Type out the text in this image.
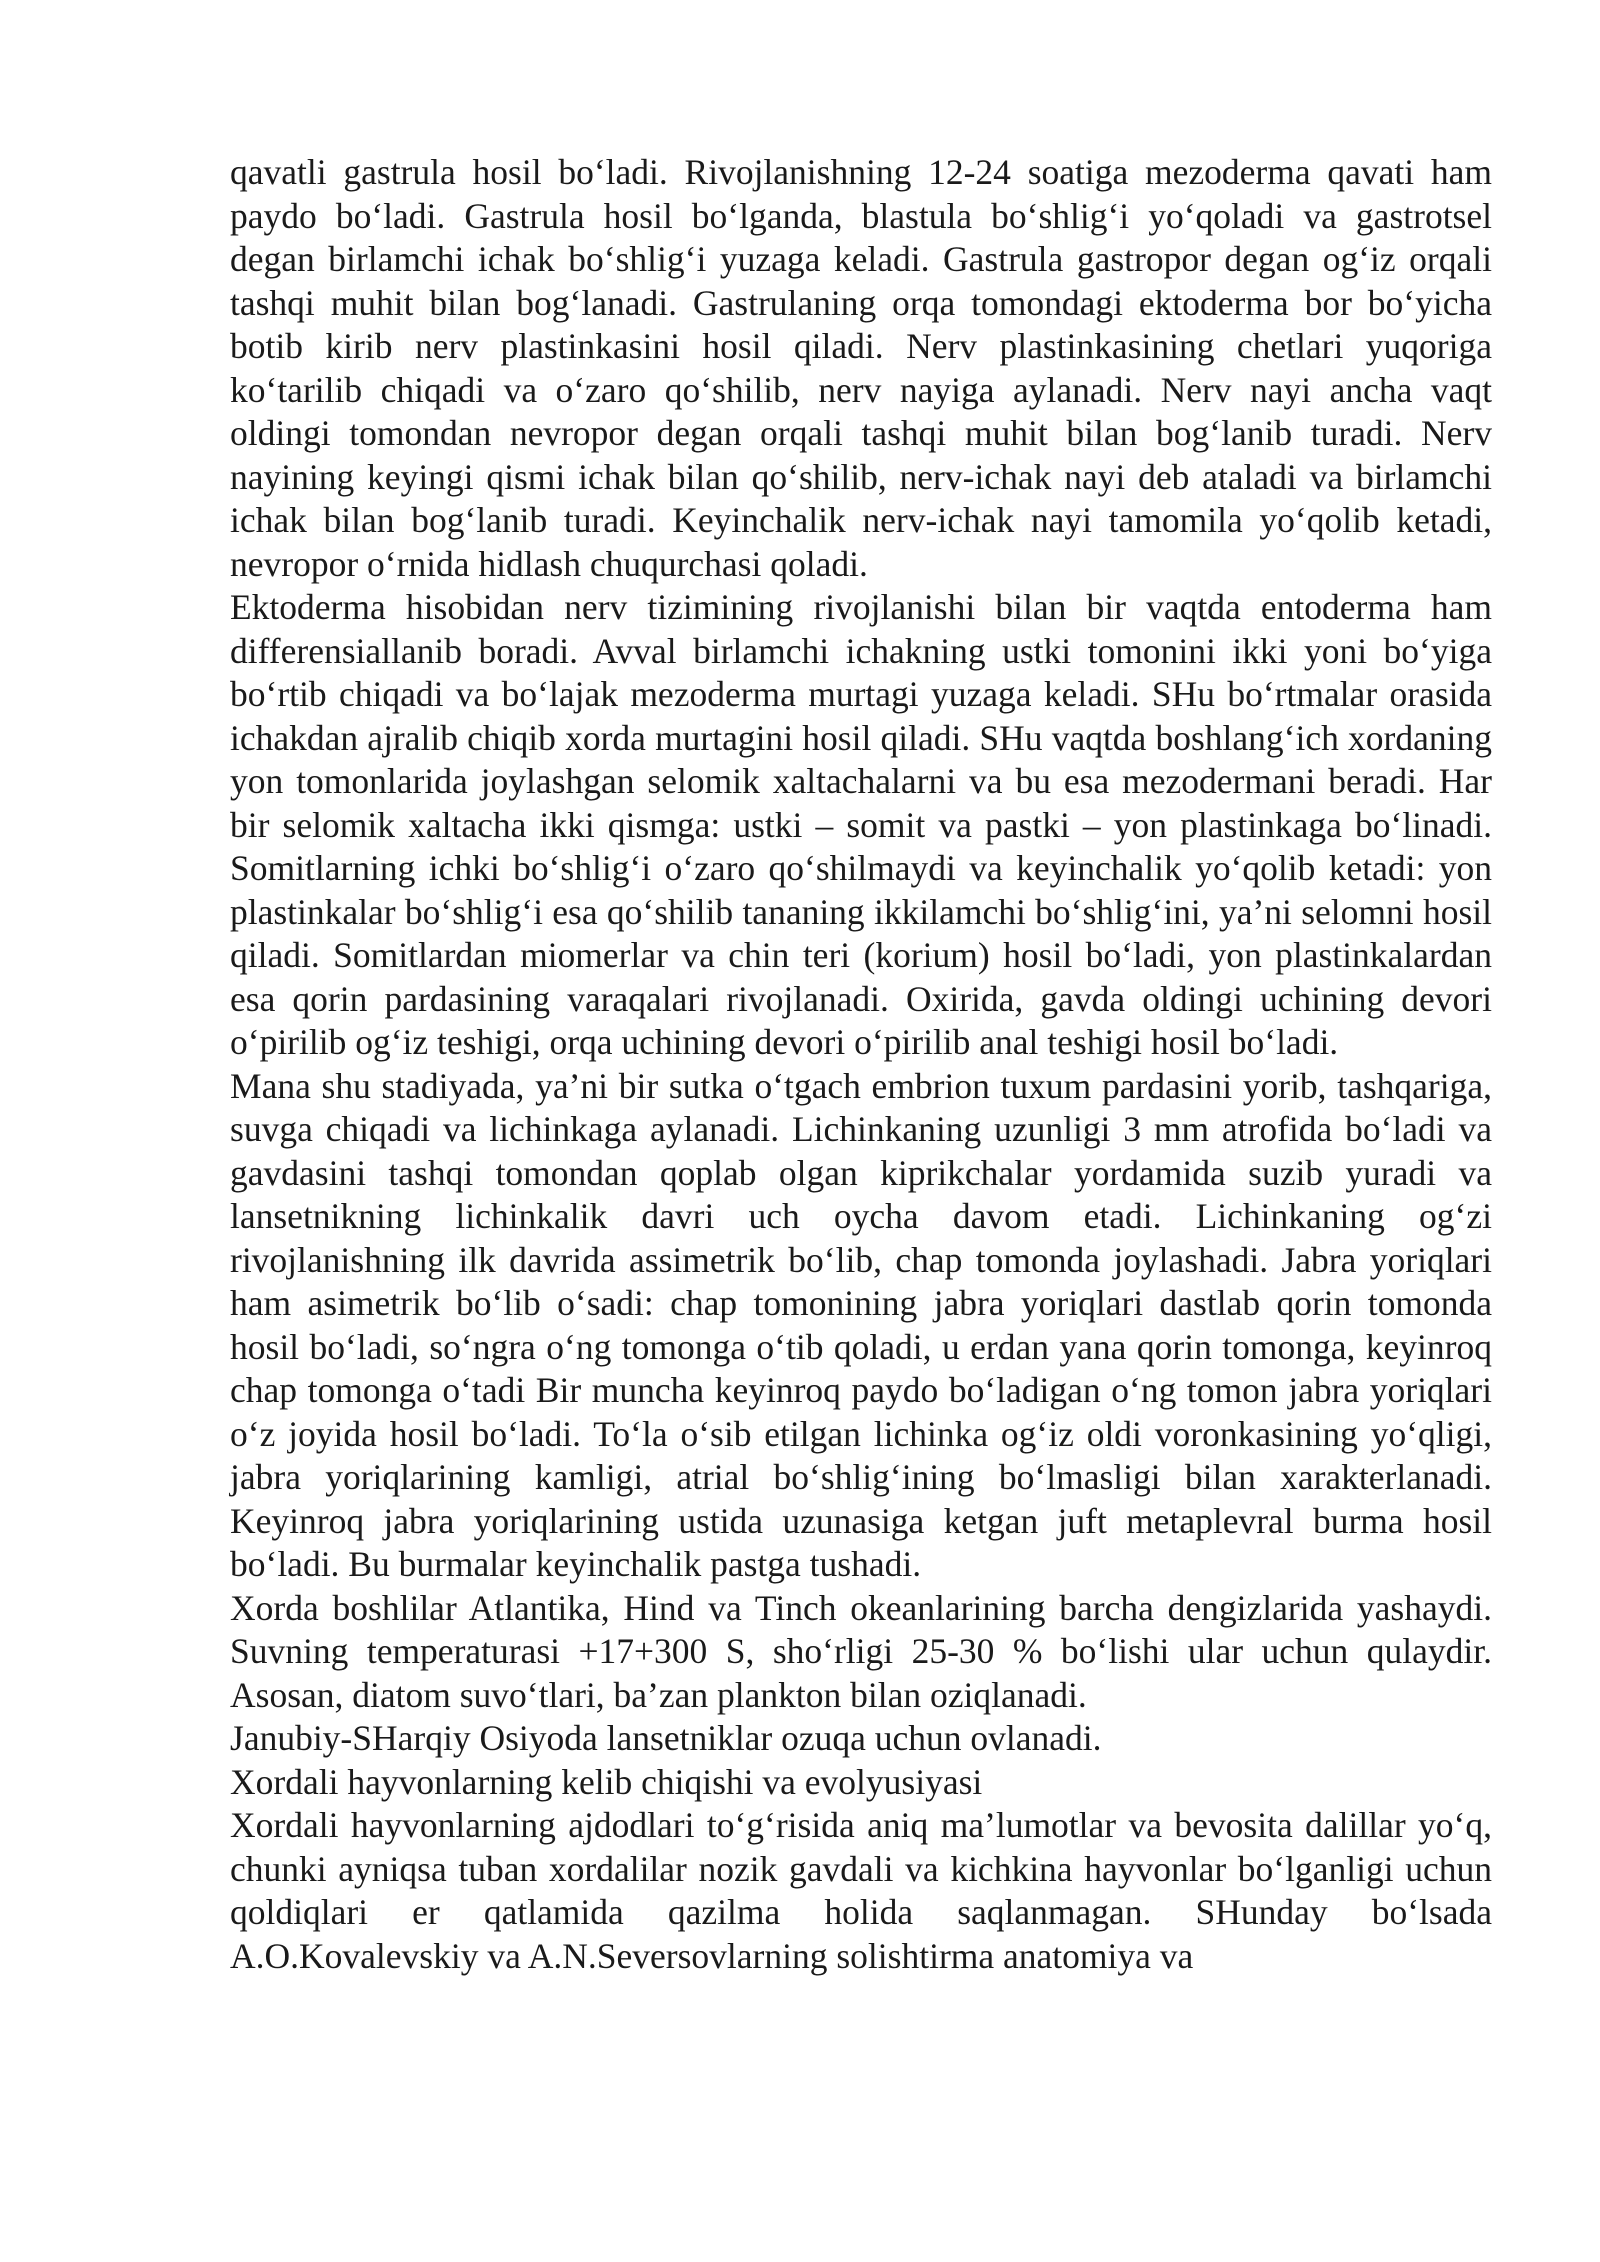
qavatli gastrula hosil bo‘ladi. Rivojlanishning 12-24 soatiga mezoderma qavati ham paydo bo‘ladi. Gastrula hosil bo‘lganda, blastula bo‘shlig‘i yo‘qoladi va gastrotsel degan birlamchi ichak bo‘shlig‘i yuzaga keladi. Gastrula gastropor degan og‘iz orqali tashqi muhit bilan bog‘lanadi. Gastrulaning orqa tomondagi ektoderma bor bo‘yicha botib kirib nerv plastinkasini hosil qiladi. Nerv plastinkasining chetlari yuqoriga ko‘tarilib chiqadi va o‘zaro qo‘shilib, nerv nayiga aylanadi. Nerv nayi ancha vaqt oldingi tomondan nevropor degan orqali tashqi muhit bilan bog‘lanib turadi. Nerv nayining keyingi qismi ichak bilan qo‘shilib, nerv-ichak nayi deb ataladi va birlamchi ichak bilan bog‘lanib turadi. Keyinchalik nerv-ichak nayi tamomila yo‘qolib ketadi, nevropor o‘rnida hidlash chuqurchasi qoladi.

Ektoderma hisobidan nerv tizimining rivojlanishi bilan bir vaqtda entoderma ham differensiallanib boradi. Avval birlamchi ichakning ustki tomonini ikki yoni bo‘yiga bo‘rtib chiqadi va bo‘lajak mezoderma murtagi yuzaga keladi. SHu bo‘rtmalar orasida ichakdan ajralib chiqib xorda murtagini hosil qiladi. SHu vaqtda boshlang‘ich xordaning yon tomonlarida joylashgan selomik xaltachalarni va bu esa mezodermani beradi. Har bir selomik xaltacha ikki qismga: ustki – somit va pastki – yon plastinkaga bo‘linadi. Somitlarning ichki bo‘shlig‘i o‘zaro qo‘shilmaydi va keyinchalik yo‘qolib ketadi: yon plastinkalar bo‘shlig‘i esa qo‘shilib tananing ikkilamchi bo‘shlig‘ini, ya’ni selomni hosil qiladi. Somitlardan miomerlar va chin teri (korium) hosil bo‘ladi, yon plastinkalardan esa qorin pardasining varaqalari rivojlanadi. Oxirida, gavda oldingi uchining devori o‘pirilib og‘iz teshigi, orqa uchining devori o‘pirilib anal teshigi hosil bo‘ladi.

Mana shu stadiyada, ya’ni bir sutka o‘tgach embrion tuxum pardasini yorib, tashqariga, suvga chiqadi va lichinkaga aylanadi. Lichinkaning uzunligi 3 mm atrofida bo‘ladi va gavdasini tashqi tomondan qoplab olgan kiprikchalar yordamida suzib yuradi va lansetnikning lichinkalik davri uch oycha davom etadi. Lichinkaning og‘zi rivojlanishning ilk davrida assimetrik bo‘lib, chap tomonda joylashadi. Jabra yoriqlari ham asimetrik bo‘lib o‘sadi: chap tomonining jabra yoriqlari dastlab qorin tomonda hosil bo‘ladi, so‘ngra o‘ng tomonga o‘tib qoladi, u erdan yana qorin tomonga, keyinroq chap tomonga o‘tadi Bir muncha keyinroq paydo bo‘ladigan o‘ng tomon jabra yoriqlari o‘z joyida hosil bo‘ladi. To‘la o‘sib etilgan lichinka og‘iz oldi voronkasining yo‘qligi, jabra yoriqlarining kamligi, atrial bo‘shlig‘ining bo‘lmasligi bilan xarakterlanadi. Keyinroq jabra yoriqlarining ustida uzunasiga ketgan juft metaplevral burma hosil bo‘ladi. Bu burmalar keyinchalik pastga tushadi.

Xorda boshlilar Atlantika, Hind va Tinch okeanlarining barcha dengizlarida yashaydi. Suvning temperaturasi +17+300 S, sho‘rligi 25-30 % bo‘lishi ular uchun qulaydir. Asosan, diatom suvo‘tlari, ba’zan plankton bilan oziqlanadi.

Janubiy-SHarqiy Osiyoda lansetniklar ozuqa uchun ovlanadi.

Xordali hayvonlarning kelib chiqishi va evolyusiyasi

Xordali hayvonlarning ajdodlari to‘g‘risida aniq ma’lumotlar va bevosita dalillar yo‘q, chunki ayniqsa tuban xordalilar nozik gavdali va kichkina hayvonlar bo‘lganligi uchun qoldiqlari er qatlamida qazilma holida saqlanmagan. SHunday bo‘lsada A.O.Kovalevskiy va A.N.Seversovlarning solishtirma anatomiya va
